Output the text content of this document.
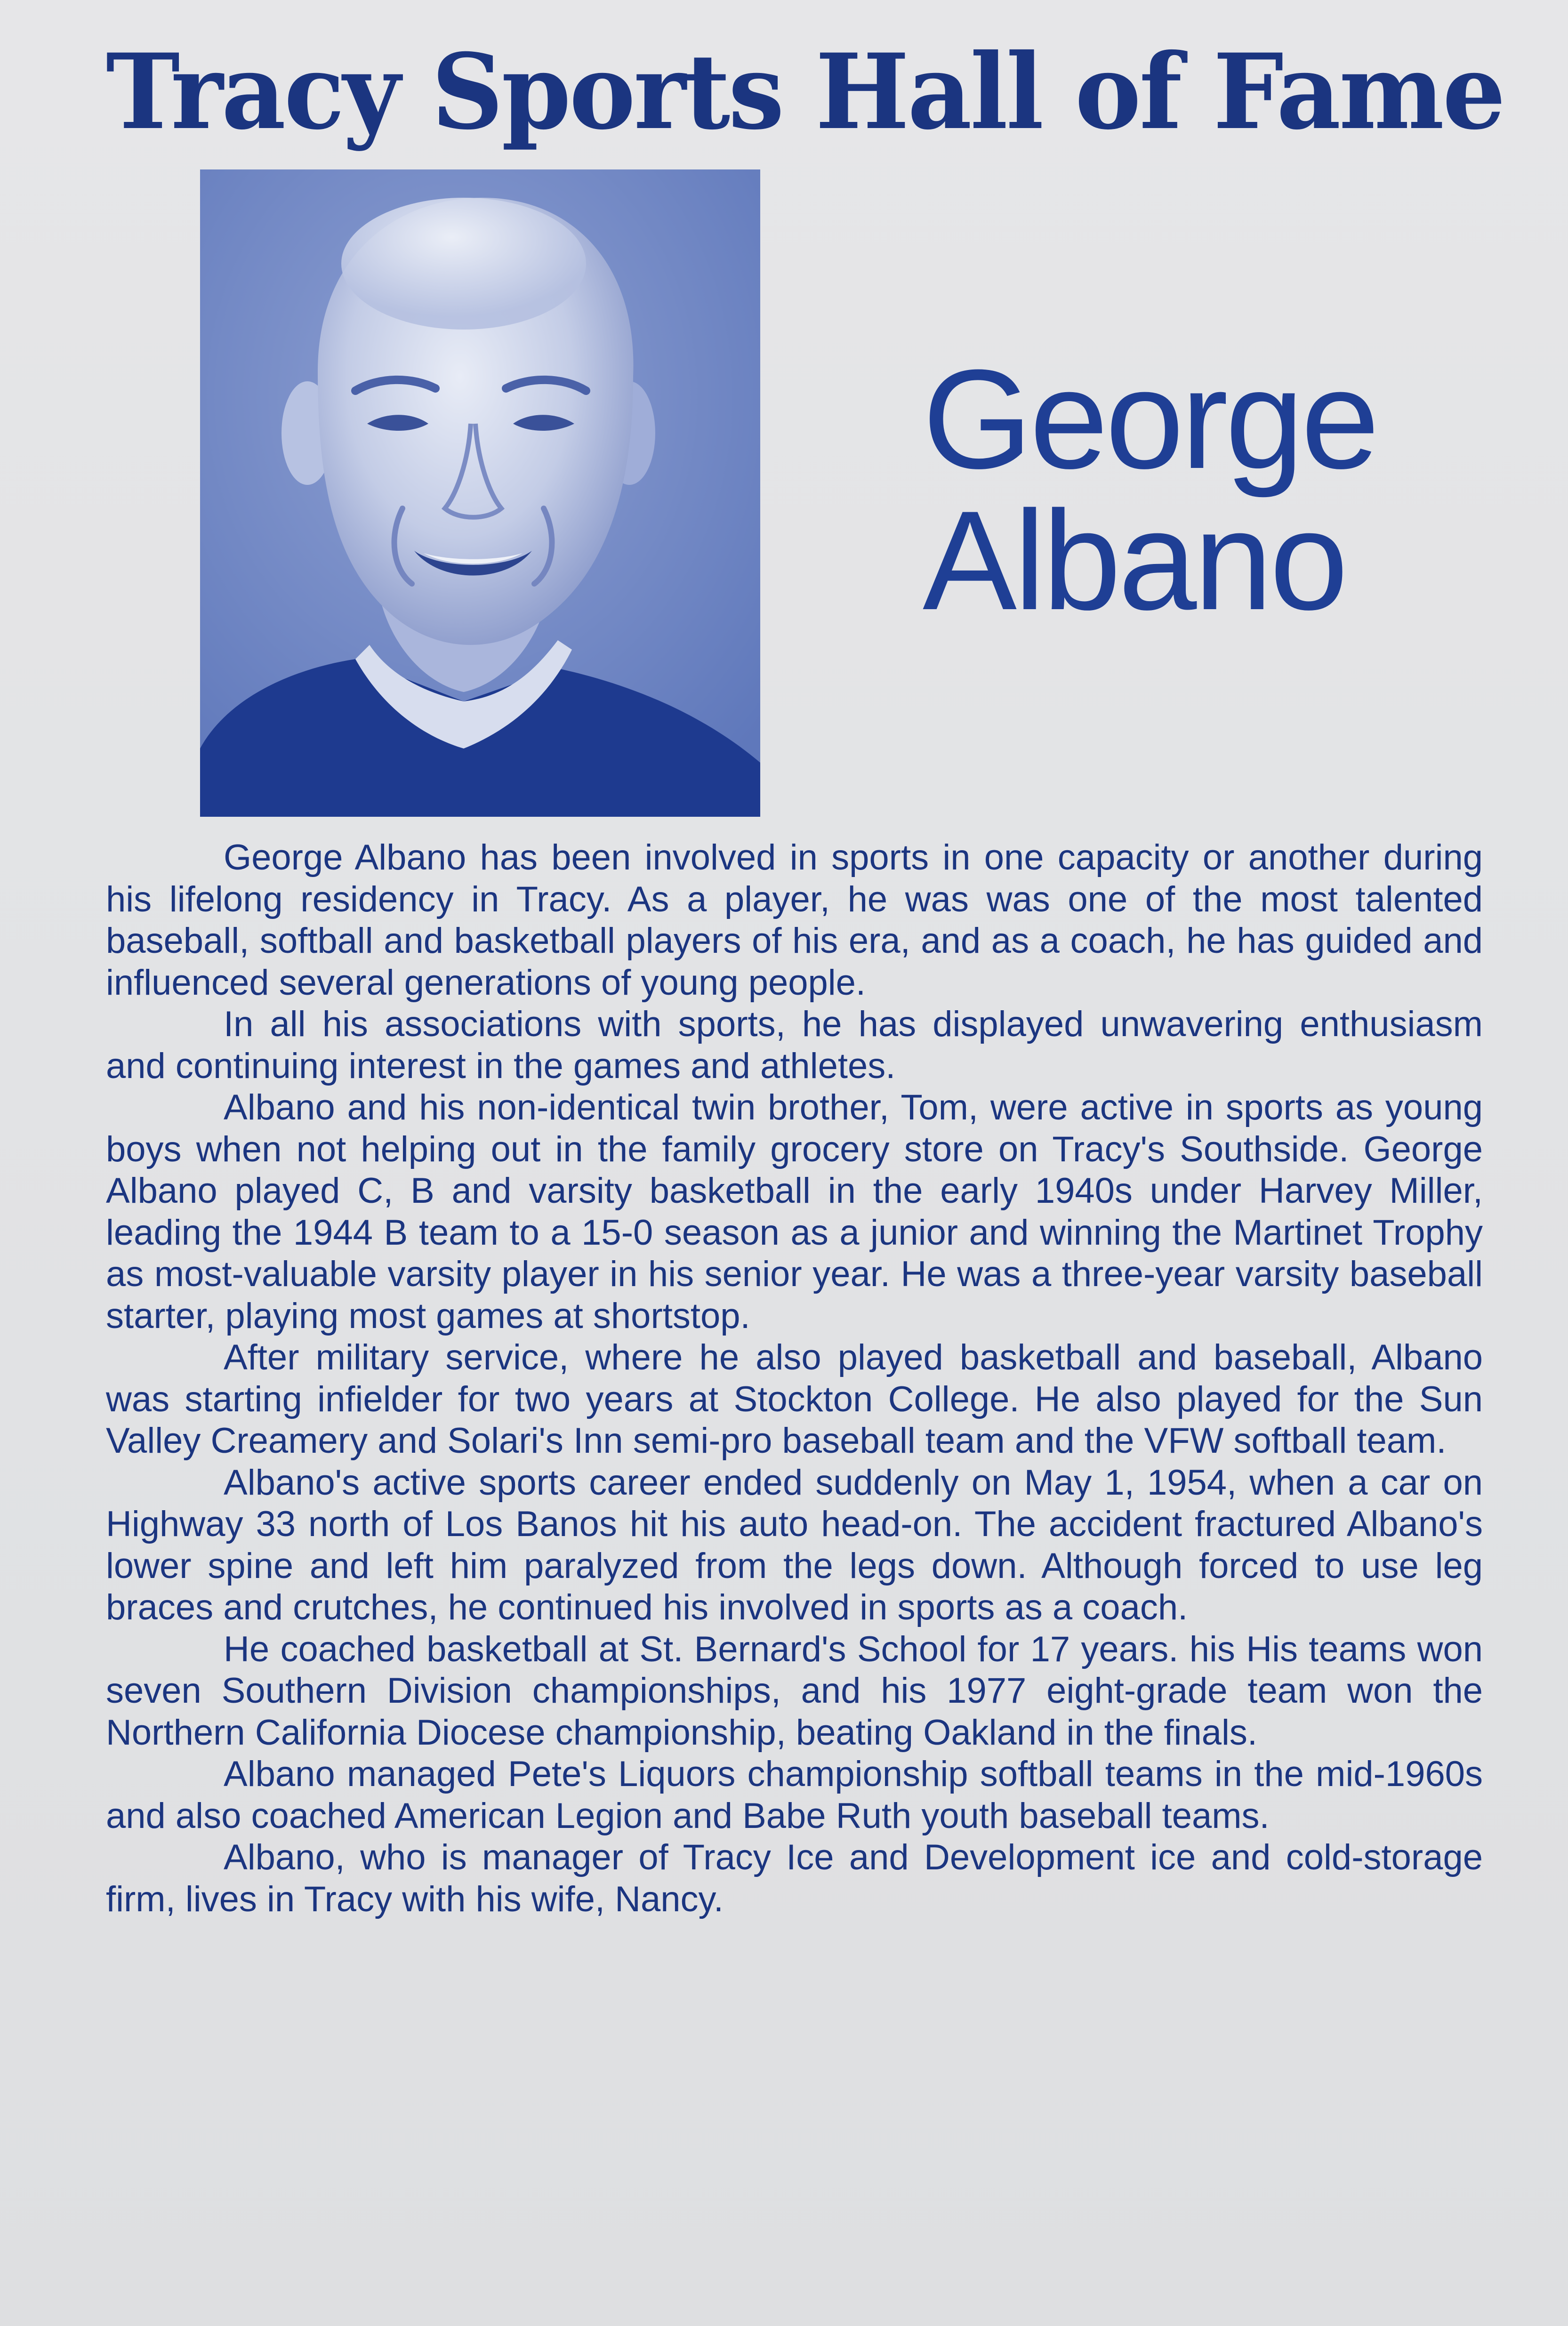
Tracy Sports Hall of Fame
George
Albano

George Albano has been involved in sports in one capacity or another during his lifelong residency in Tracy. As a player, he was was one of the most talented baseball, softball and basketball players of his era, and as a coach, he has guided and influenced several generations of young people.

In all his associations with sports, he has displayed unwavering enthusiasm and continuing interest in the games and athletes.

Albano and his non-identical twin brother, Tom, were active in sports as young boys when not helping out in the family grocery store on Tracy's Southside. George Albano played C, B and varsity basketball in the early 1940s under Harvey Miller, leading the 1944 B team to a 15-0 season as a junior and winning the Martinet Trophy as most-valuable varsity player in his senior year. He was a three-year varsity baseball starter, playing most games at shortstop.

After military service, where he also played basketball and baseball, Albano was starting infielder for two years at Stockton College. He also played for the Sun Valley Creamery and Solari's Inn semi-pro baseball team and the VFW softball team.

Albano's active sports career ended suddenly on May 1, 1954, when a car on Highway 33 north of Los Banos hit his auto head-on. The accident fractured Albano's lower spine and left him paralyzed from the legs down. Although forced to use leg braces and crutches, he continued his involved in sports as a coach.

He coached basketball at St. Bernard's School for 17 years. his His teams won seven Southern Division championships, and his 1977 eight-grade team won the Northern California Diocese championship, beating Oakland in the finals.

Albano managed Pete's Liquors championship softball teams in the mid-1960s and also coached American Legion and Babe Ruth youth baseball teams.

Albano, who is manager of Tracy Ice and Development ice and cold-storage firm, lives in Tracy with his wife, Nancy.
